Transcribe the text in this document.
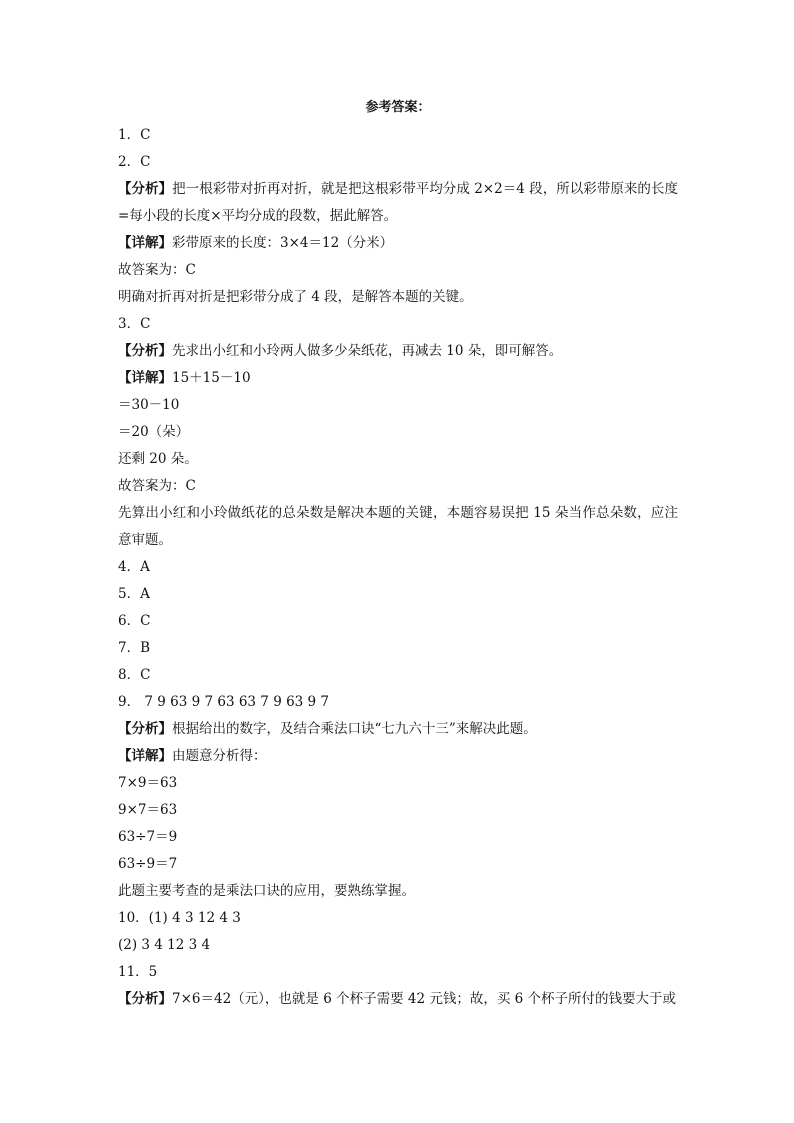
参考答案：
1．C
2．C
【分析】把一根彩带对折再对折，就是把这根彩带平均分成 2×2＝4 段，所以彩带原来的长度=每小段的长度×平均分成的段数，据此解答。
【详解】彩带原来的长度：3×4＝12（分米）
故答案为：C
明确对折再对折是把彩带分成了 4 段，是解答本题的关键。
3．C
【分析】先求出小红和小玲两人做多少朵纸花，再减去 10 朵，即可解答。
【详解】15＋15－10
＝30－10
＝20（朵）
还剩 20 朵。
故答案为：C
先算出小红和小玲做纸花的总朵数是解决本题的关键，本题容易误把 15 朵当作总朵数，应注意审题。
4．A
5．A
6．C
7．B
8．C
9． 7 9 63 9 7 63 63 7 9 63 9 7
【分析】根据给出的数字，及结合乘法口诀“七九六十三”来解决此题。
【详解】由题意分析得：
7×9＝63
9×7＝63
63÷7＝9
63÷9＝7
此题主要考查的是乘法口诀的应用，要熟练掌握。
10．(1) 4 3 12 4 3
(2) 3 4 12 3 4
11．5
【分析】7×6＝42（元），也就是 6 个杯子需要 42 元钱；故，买 6 个杯子所付的钱要大于或
